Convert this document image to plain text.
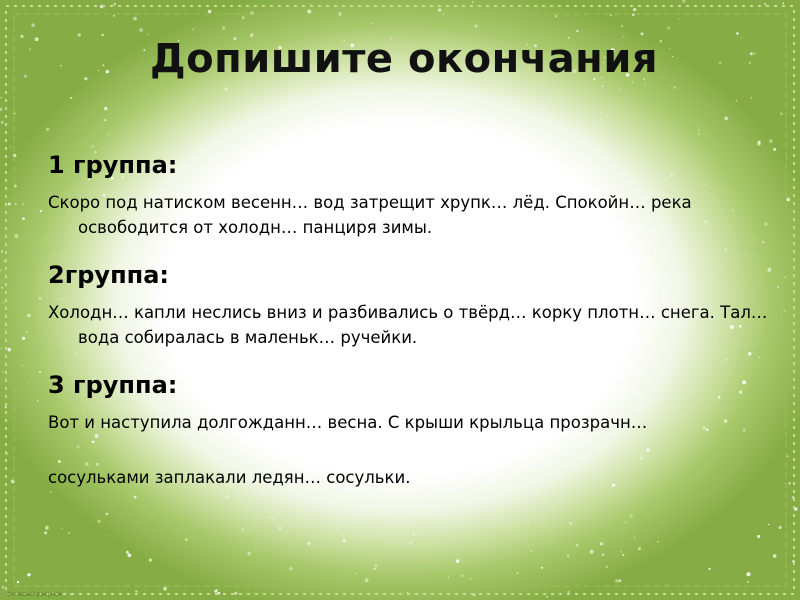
Допишите окончания
1 группа:

Скоро под натиском весенн… вод затрещит хрупк… лёд. Спокойн… река освободится от холодн… панциря зимы.

2группа:

Холодн… капли неслись вниз и разбивались о твёрд… корку плотн… снега. Тал… вода собиралась в маленьк… ручейки.

3 группа:

Вот и наступила долгожданн… весна. С крыши крыльца прозрачн…

сосульками заплакали ледян… сосульки.

Фоновый рисунок
